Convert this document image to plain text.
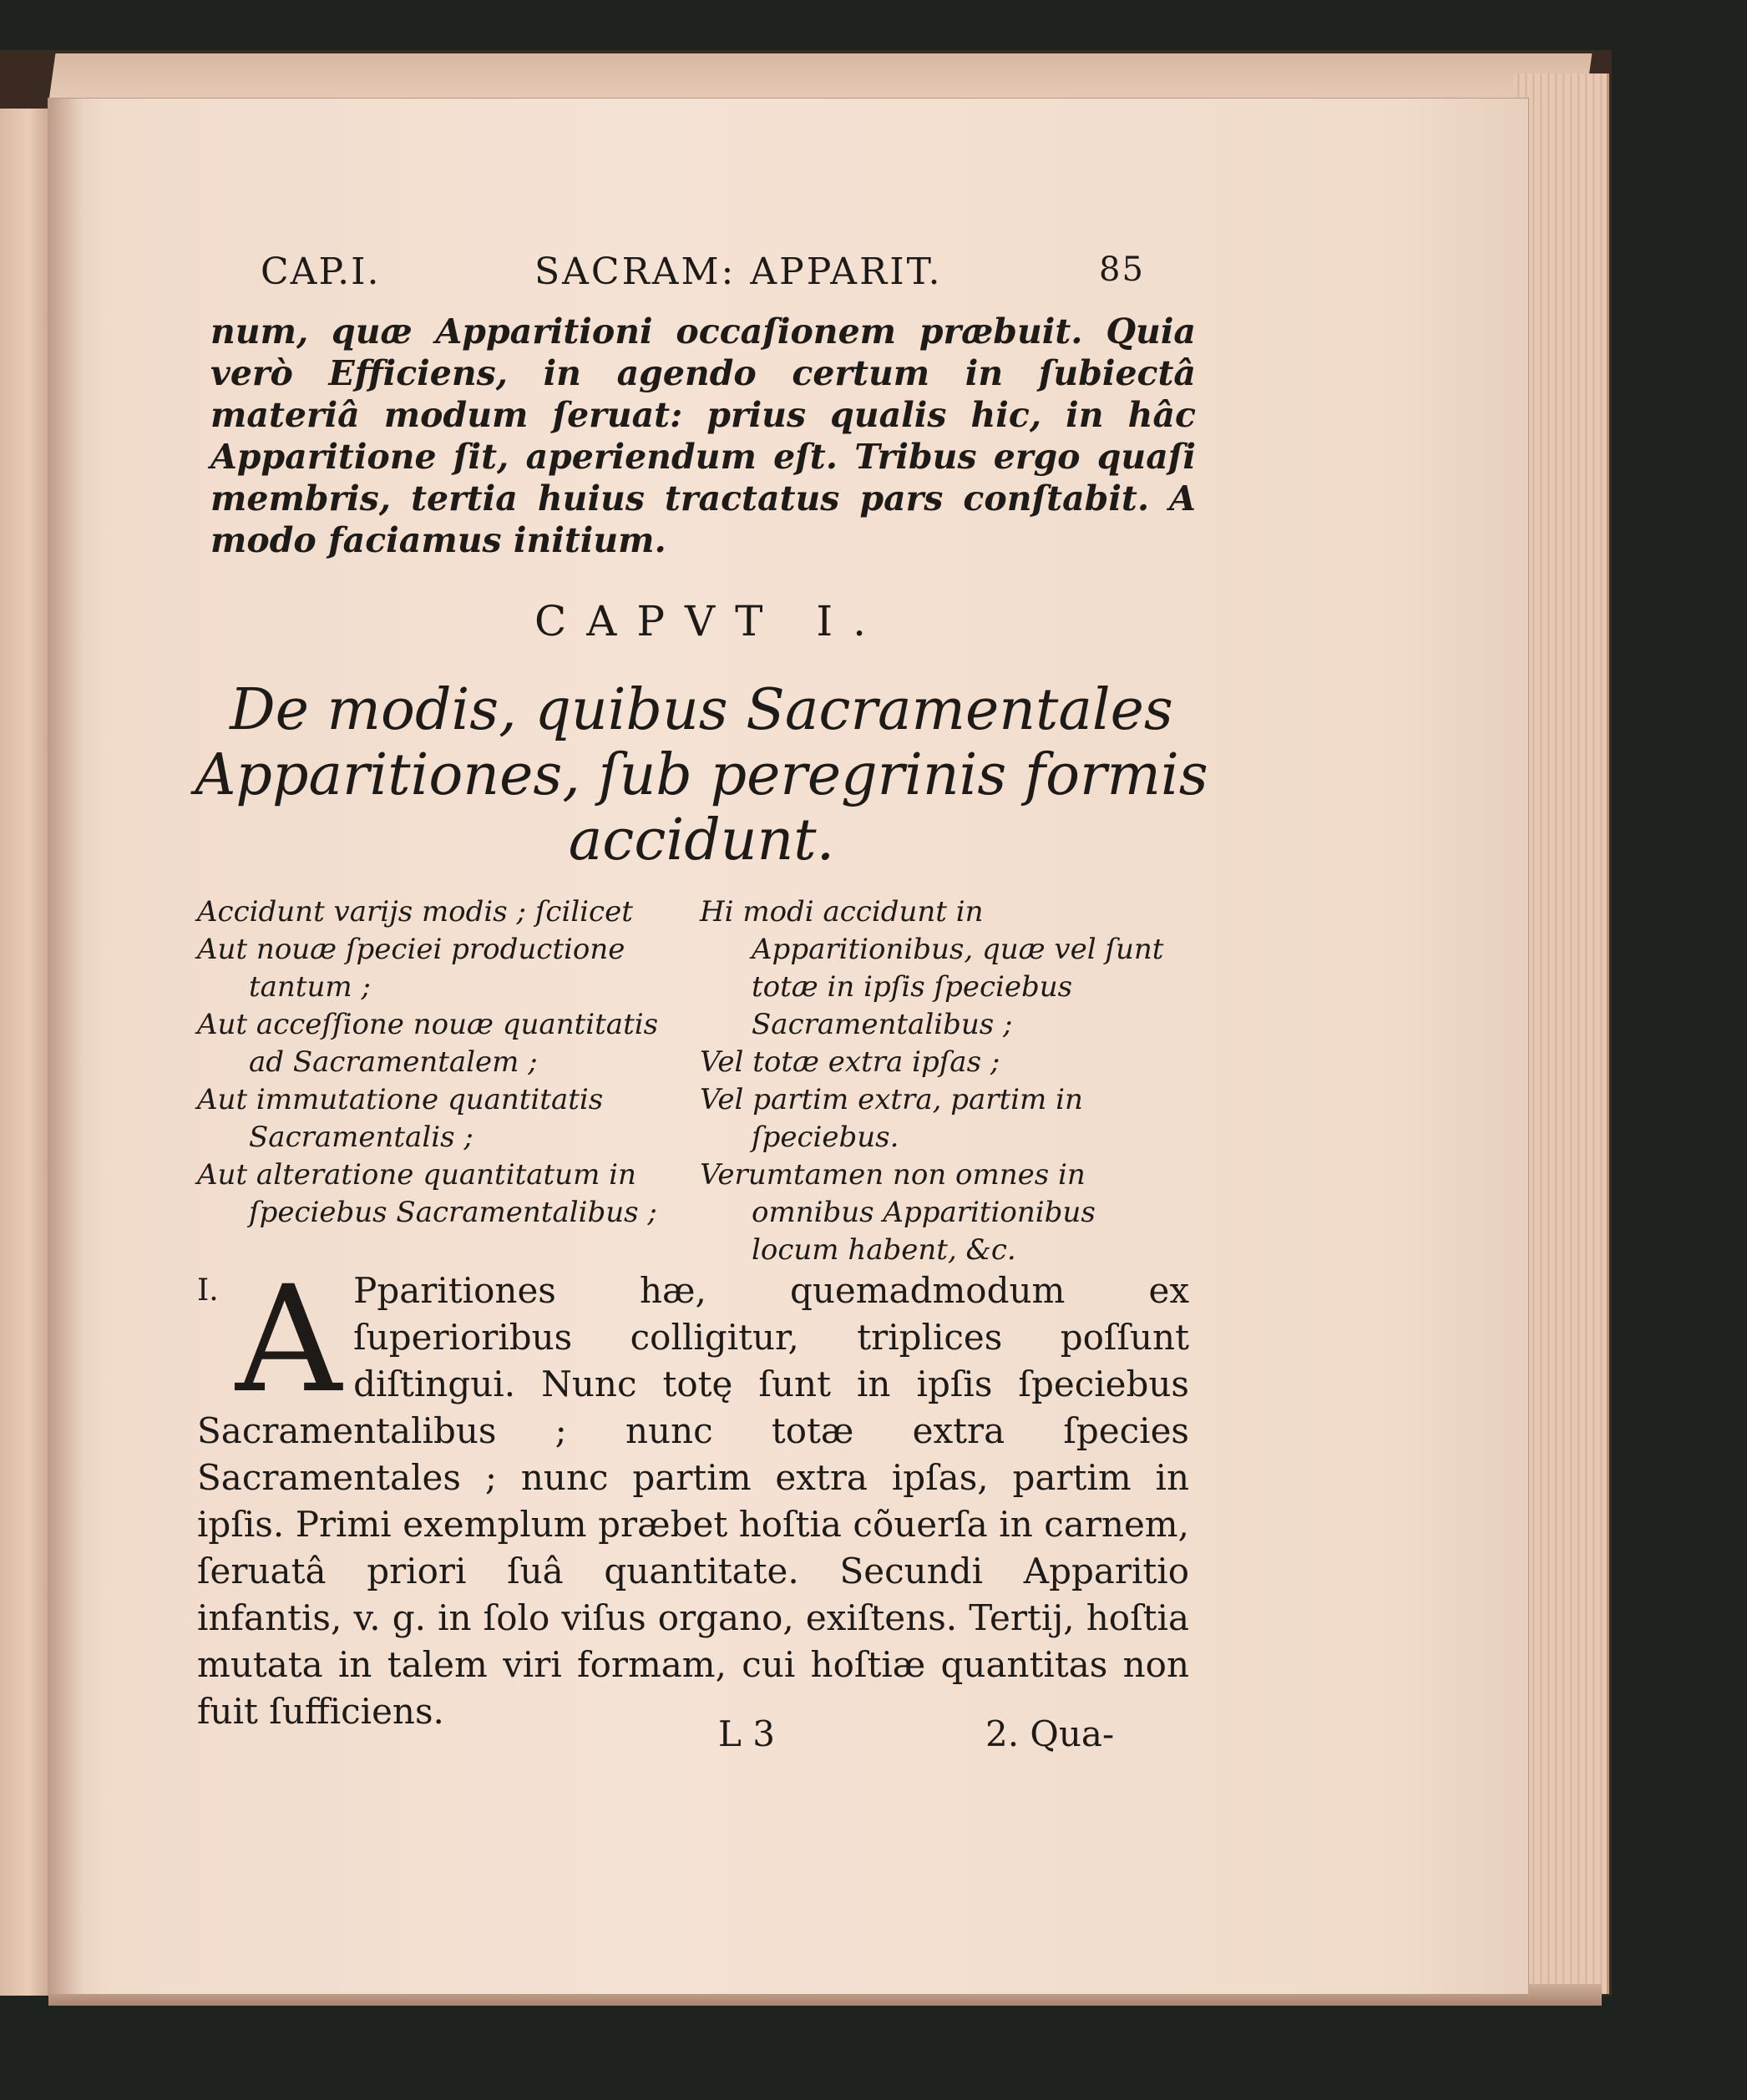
CAP.I.	SACRAM: APPARIT.	85
num, quæ Apparitioni occaſionem præbuit. Quia verò Efficiens, in agendo certum in ſubiectâ materiâ modum ſeruat: prius qualis hic, in hâc Apparitione ſit, aperiendum eſt. Tribus ergo quaſi membris, tertia huius tractatus pars conſtabit. A modo faciamus initium.
CAPVT I.
De modis, quibus Sacramentales Apparitiones, ſub peregrinis formis accidunt.

Accidunt varijs modis ; ſcilicet

Aut nouæ ſpeciei productione tantum ;

Aut acceſſione nouæ quantitatis ad Sacramentalem ;

Aut immutatione quantitatis Sacramentalis ;

Aut alteratione quantitatum in ſpeciebus Sacramentalibus ;

Hi modi accidunt in Apparitionibus, quæ vel ſunt totæ in ipſis ſpeciebus Sacramentalibus ;

Vel totæ extra ipſas ;

Vel partim extra, partim in ſpeciebus.

Verumtamen non omnes in omnibus Apparitionibus locum habent, &c.

I. A Pparitiones hæ, quemadmodum ex ſuperioribus colligitur, triplices poſſunt diſtingui. Nunc totę ſunt in ipſis ſpeciebus Sacramentalibus ; nunc totæ extra ſpecies Sacramentales ; nunc partim extra ipſas, partim in ipſis. Primi exemplum præbet hoſtia cõuerſa in carnem, ſeruatâ priori ſuâ quantitate. Secundi Apparitio infantis, v. g. in ſolo viſus organo, exiſtens. Tertij, hoſtia mutata in talem viri formam, cui hoſtiæ quantitas non fuit ſufficiens.
L 3	2. Qua-
